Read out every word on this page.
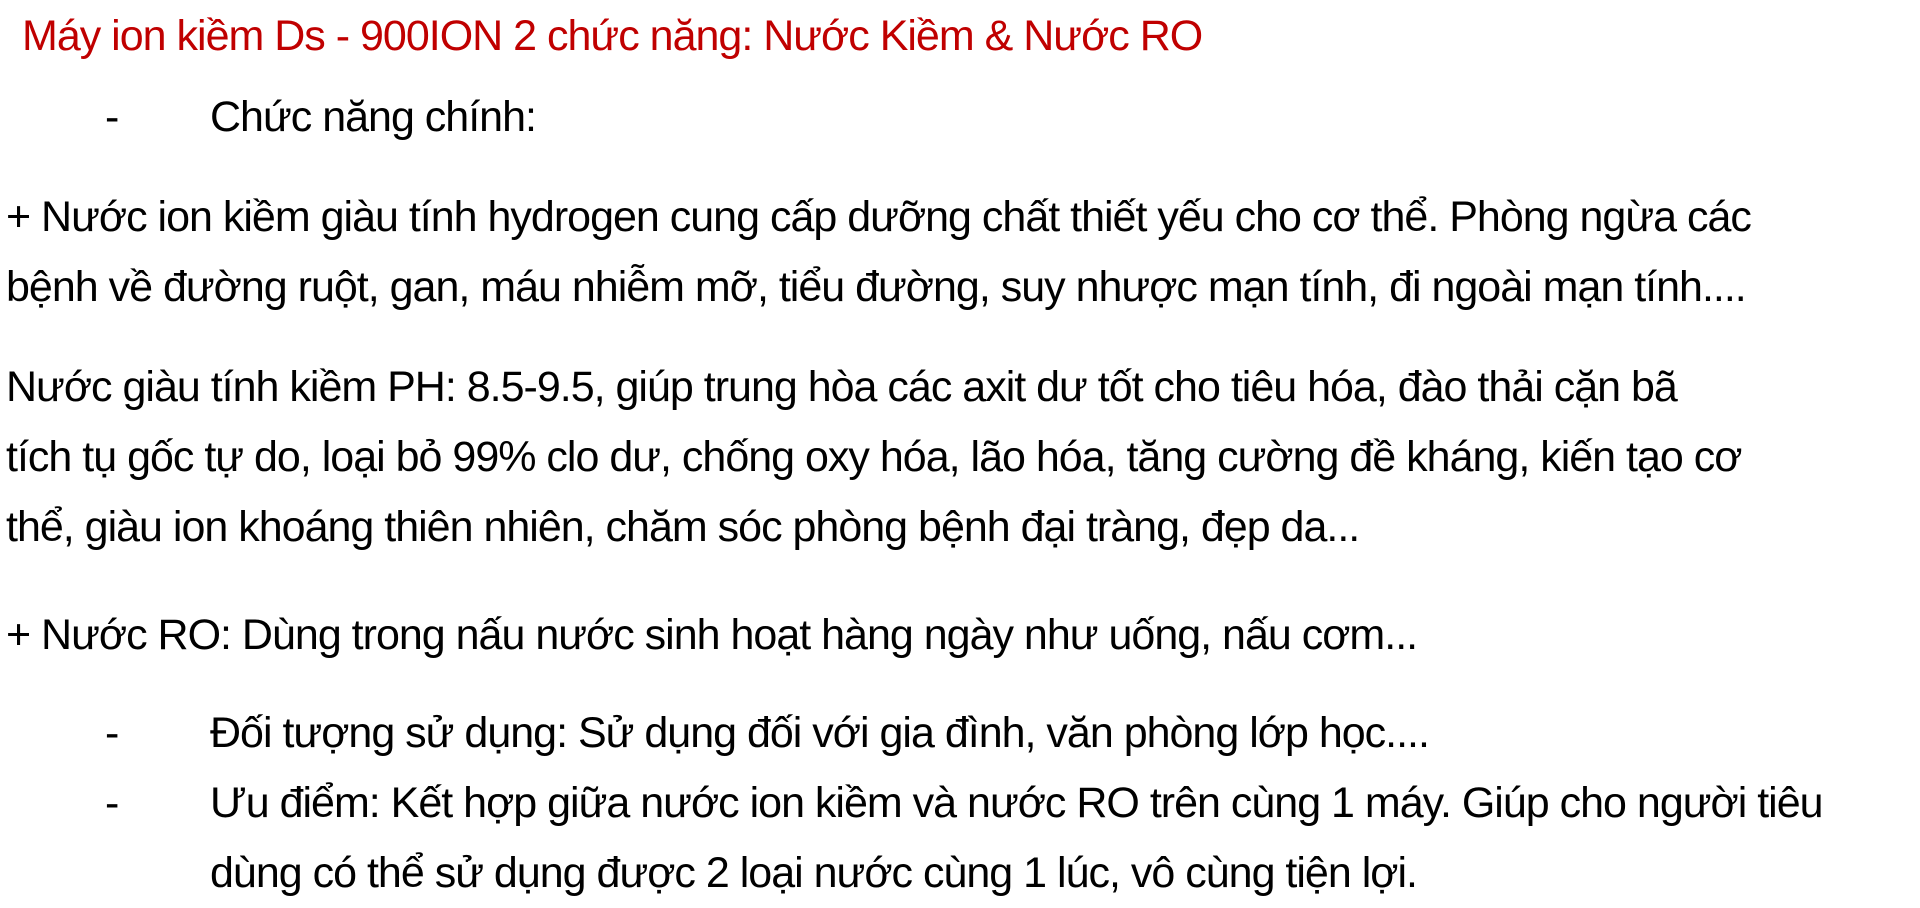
Máy ion kiềm Ds - 900ION 2 chức năng: Nước Kiềm & Nước RO
-	Chức năng chính:
+ Nước ion kiềm giàu tính hydrogen cung cấp dưỡng chất thiết yếu cho cơ thể. Phòng ngừa các
bệnh về đường ruột, gan, máu nhiễm mỡ, tiểu đường, suy nhược mạn tính, đi ngoài mạn tính....
Nước giàu tính kiềm PH: 8.5-9.5, giúp trung hòa các axit dư tốt cho tiêu hóa, đào thải cặn bã
tích tụ gốc tự do, loại bỏ 99% clo dư, chống oxy hóa, lão hóa, tăng cường đề kháng, kiến tạo cơ
thể, giàu ion khoáng thiên nhiên, chăm sóc phòng bệnh đại tràng, đẹp da...
+ Nước RO: Dùng trong nấu nước sinh hoạt hàng ngày như uống, nấu cơm...
-	Đối tượng sử dụng: Sử dụng đối với gia đình, văn phòng lớp học....
-	Ưu điểm: Kết hợp giữa nước ion kiềm và nước RO trên cùng 1 máy. Giúp cho người tiêu
dùng có thể sử dụng được 2 loại nước cùng 1 lúc, vô cùng tiện lợi.
